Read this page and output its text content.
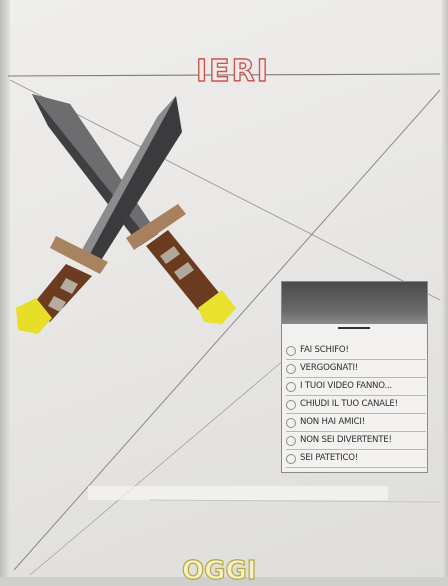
IERI
FAI SCHIFO!
VERGOGNATI!
I TUOI VIDEO FANNO...
CHIUDI IL TUO CANALE!
NON HAI AMICI!
NON SEI DIVERTENTE!
SEI PATETICO!
OGGI
